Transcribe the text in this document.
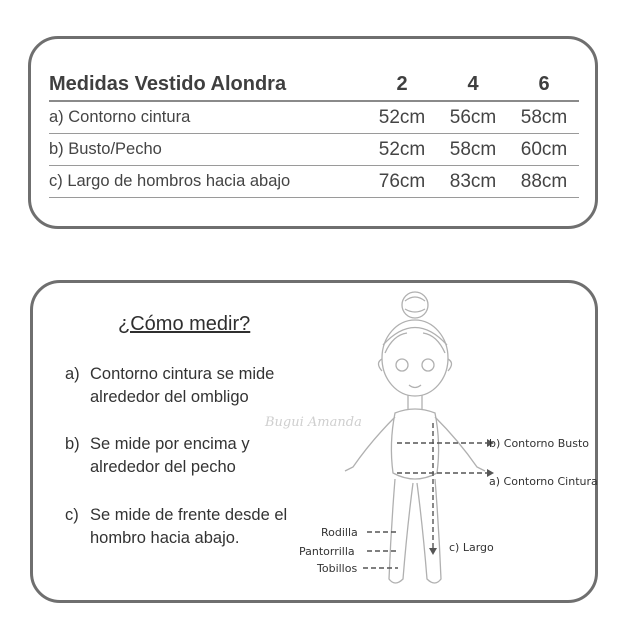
Medidas Vestido Alondra	2	4	6
a) Contorno cintura	52cm	56cm	58cm
b) Busto/Pecho	52cm	58cm	60cm
c) Largo de hombros hacia abajo	76cm	83cm	88cm
¿Cómo medir?
a) Contorno cintura se mide alrededor del ombligo
b) Se mide por encima y alrededor del pecho
c) Se mide de frente desde el hombro hacia abajo.
Bugui Amanda
b) Contorno Busto
a) Contorno Cintura
c) Largo
Rodilla
Pantorrilla
Tobillos
